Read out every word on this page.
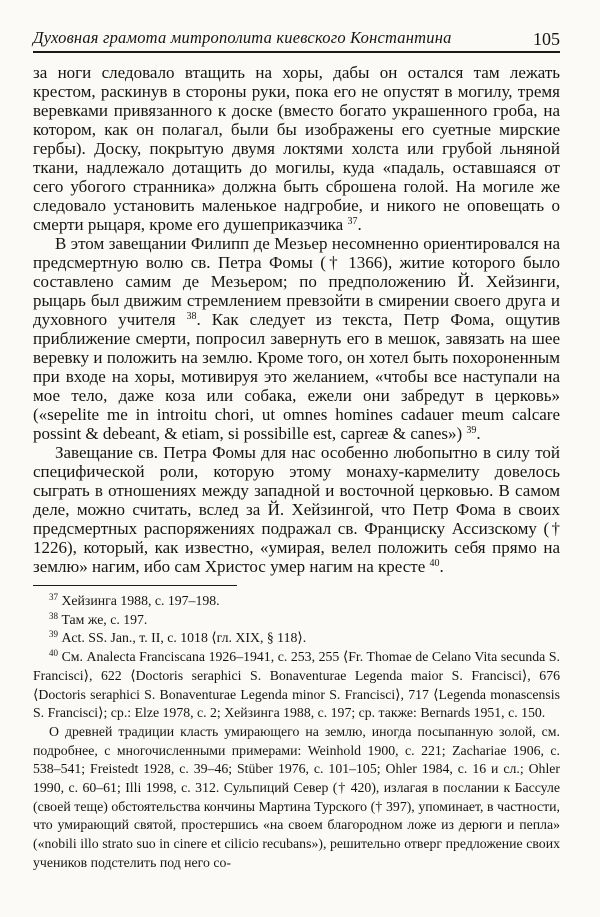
Духовная грамота митрополита киевского Константина	105

за ноги следовало втащить на хоры, дабы он остался там лежать крестом, раскинув в стороны руки, пока его не опустят в могилу, тремя веревками привязанного к доске (вместо богато украшенного гроба, на котором, как он полагал, были бы изображены его суетные мирские гербы). Доску, покрытую двумя локтями холста или грубой льняной ткани, надлежало дотащить до могилы, куда «падаль, оставшаяся от сего убогого странника» должна быть сброшена голой. На могиле же следовало установить маленькое надгробие, и никого не оповещать о смерти рыцаря, кроме его душеприказчика $^{37}$.

В этом завещании Филипп де Мезьер несомненно ориентировался на предсмертную волю св. Петра Фомы († 1366), житие которого было составлено самим де Мезьером; по предположению Й. Хейзинги, рыцарь был движим стремлением превзойти в смирении своего друга и духовного учителя $^{38}$. Как следует из текста, Петр Фома, ощутив приближение смерти, попросил завернуть его в мешок, завязать на шее веревку и положить на землю. Кроме того, он хотел быть похороненным при входе на хоры, мотивируя это желанием, «чтобы все наступали на мое тело, даже коза или собака, ежели они забредут в церковь» («sepelite me in introitu chori, ut omnes homines cadauer meum calcare possint & debeant, & etiam, si possibille est, capreæ & canes») $^{39}$.

Завещание св. Петра Фомы для нас особенно любопытно в силу той специфической роли, которую этому монаху-кармелиту довелось сыграть в отношениях между западной и восточной церковью. В самом деле, можно считать, вслед за Й. Хейзингой, что Петр Фома в своих предсмертных распоряжениях подражал св. Франциску Ассизскому († 1226), который, как известно, «умирая, велел положить себя прямо на землю» нагим, ибо сам Христос умер нагим на кресте $^{40}$.

$^{37}$ Хейзинга 1988, с. 197–198.

$^{38}$ Там же, с. 197.

$^{39}$ Act. SS. Jan., т. II, с. 1018 ⟨гл. XIX, § 118⟩.

$^{40}$ См. Analecta Franciscana 1926–1941, с. 253, 255 ⟨Fr. Thomae de Celano Vita secunda S. Francisci⟩, 622 ⟨Doctoris seraphici S. Bonaventurae Legenda maior S. Francisci⟩, 676 ⟨Doctoris seraphici S. Bonaventurae Legenda minor S. Francisci⟩, 717 ⟨Legenda monascensis S. Francisci⟩; ср.: Elze 1978, с. 2; Хейзинга 1988, с. 197; ср. также: Bernards 1951, с. 150.

О древней традиции класть умирающего на землю, иногда посыпанную золой, см. подробнее, с многочисленными примерами: Weinhold 1900, с. 221; Zachariae 1906, с. 538–541; Freistedt 1928, с. 39–46; Stüber 1976, с. 101–105; Ohler 1984, с. 16 и сл.; Ohler 1990, с. 60–61; Illi 1998, с. 312. Сульпиций Север († 420), излагая в послании к Бассуле (своей теще) обстоятельства кончины Мартина Турского († 397), упоминает, в частности, что умирающий святой, простершись «на своем благородном ложе из дерюги и пепла» («nobili illo strato suo in cinere et cilicio recubans»), решительно отверг предложение своих учеников подстелить под него со-
